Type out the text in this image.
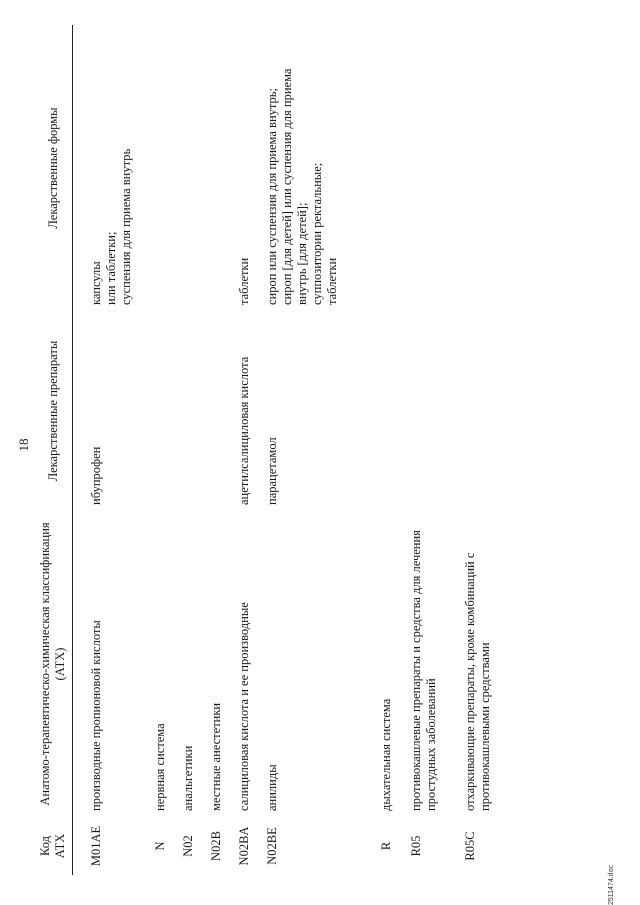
18
Код АТХ	Анатомо-терапевтическо-химическая классификация (АТХ)	Лекарственные препараты	Лекарственные формы
M01AE	производные пропионовой кислоты	ибупрофен	капсулы
или таблетки;
суспензия для приема внутрь
N	нервная система		
N02	анальгетики		
N02B	местные анестетики		
N02BA	салициловая кислота и ее производные	ацетилсалициловая кислота	таблетки
N02BE	анилиды	парацетамол	сироп или суспензия для приема внутрь;
сироп [для детей] или суспензия для приема внутрь [для детей];
суппозитории ректальные;
таблетки
R	дыхательная система		
R05	противокашлевые препараты и средства для лечения простудных заболеваний		
R05C	отхаркивающие препараты, кроме комбинаций с противокашлевыми средствами		
2511474.doc
